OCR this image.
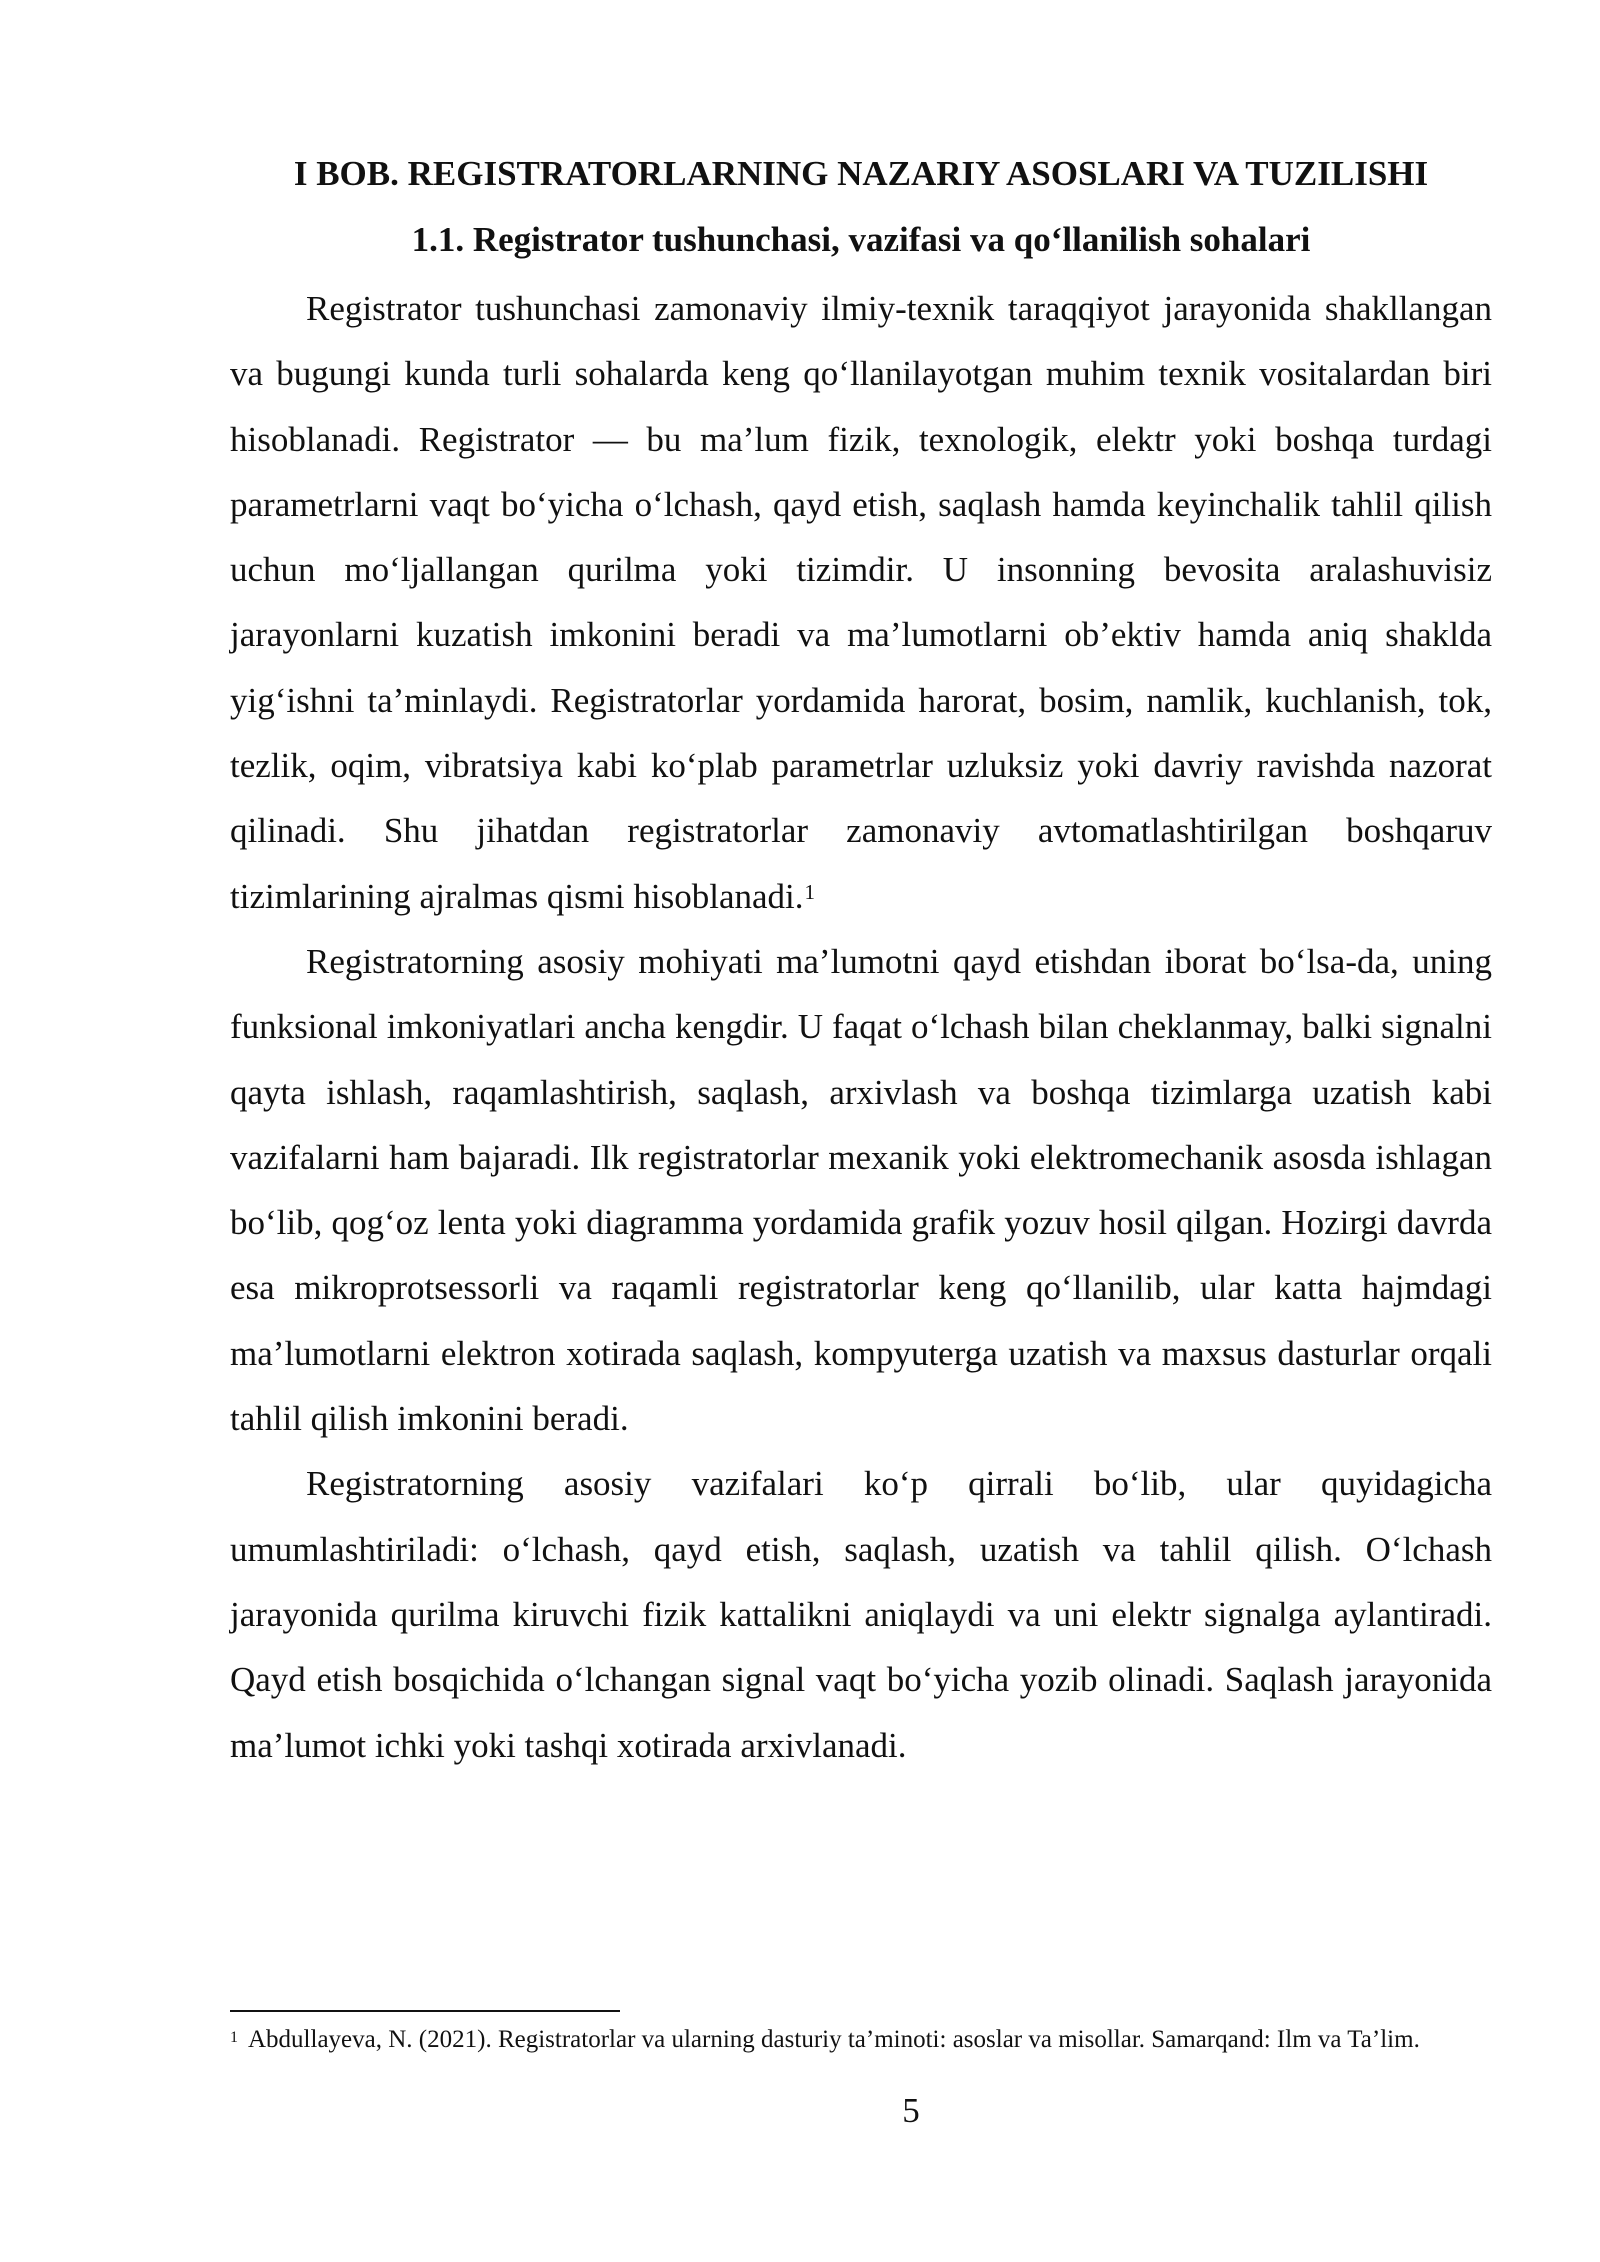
I BOB. REGISTRATORLARNING NAZARIY ASOSLARI VA TUZILISHI
1.1. Registrator tushunchasi, vazifasi va qo‘llanilish sohalari

Registrator tushunchasi zamonaviy ilmiy-texnik taraqqiyot jarayonida shakllangan va bugungi kunda turli sohalarda keng qo‘llanilayotgan muhim texnik vositalardan biri hisoblanadi. Registrator — bu ma’lum fizik, texnologik, elektr yoki boshqa turdagi parametrlarni vaqt bo‘yicha o‘lchash, qayd etish, saqlash hamda keyinchalik tahlil qilish uchun mo‘ljallangan qurilma yoki tizimdir. U insonning bevosita aralashuvisiz jarayonlarni kuzatish imkonini beradi va ma’lumotlarni ob’ektiv hamda aniq shaklda yig‘ishni ta’minlaydi. Registratorlar yordamida harorat, bosim, namlik, kuchlanish, tok, tezlik, oqim, vibratsiya kabi ko‘plab parametrlar uzluksiz yoki davriy ravishda nazorat qilinadi. Shu jihatdan registratorlar zamonaviy avtomatlashtirilgan boshqaruv tizimlarining ajralmas qismi hisoblanadi.$^1$

Registratorning asosiy mohiyati ma’lumotni qayd etishdan iborat bo‘lsa-da, uning funksional imkoniyatlari ancha kengdir. U faqat o‘lchash bilan cheklanmay, balki signalni qayta ishlash, raqamlashtirish, saqlash, arxivlash va boshqa tizimlarga uzatish kabi vazifalarni ham bajaradi. Ilk registratorlar mexanik yoki elektromechanik asosda ishlagan bo‘lib, qog‘oz lenta yoki diagramma yordamida grafik yozuv hosil qilgan. Hozirgi davrda esa mikroprotsessorli va raqamli registratorlar keng qo‘llanilib, ular katta hajmdagi ma’lumotlarni elektron xotirada saqlash, kompyuterga uzatish va maxsus dasturlar orqali tahlil qilish imkonini beradi.

Registratorning asosiy vazifalari ko‘p qirrali bo‘lib, ular quyidagicha umumlashtiriladi: o‘lchash, qayd etish, saqlash, uzatish va tahlil qilish. O‘lchash jarayonida qurilma kiruvchi fizik kattalikni aniqlaydi va uni elektr signalga aylantiradi. Qayd etish bosqichida o‘lchangan signal vaqt bo‘yicha yozib olinadi. Saqlash jarayonida ma’lumot ichki yoki tashqi xotirada arxivlanadi.

$^1$ Abdullayeva, N. (2021). Registratorlar va ularning dasturiy ta’minoti: asoslar va misollar. Samarqand: Ilm va Ta’lim.

5
